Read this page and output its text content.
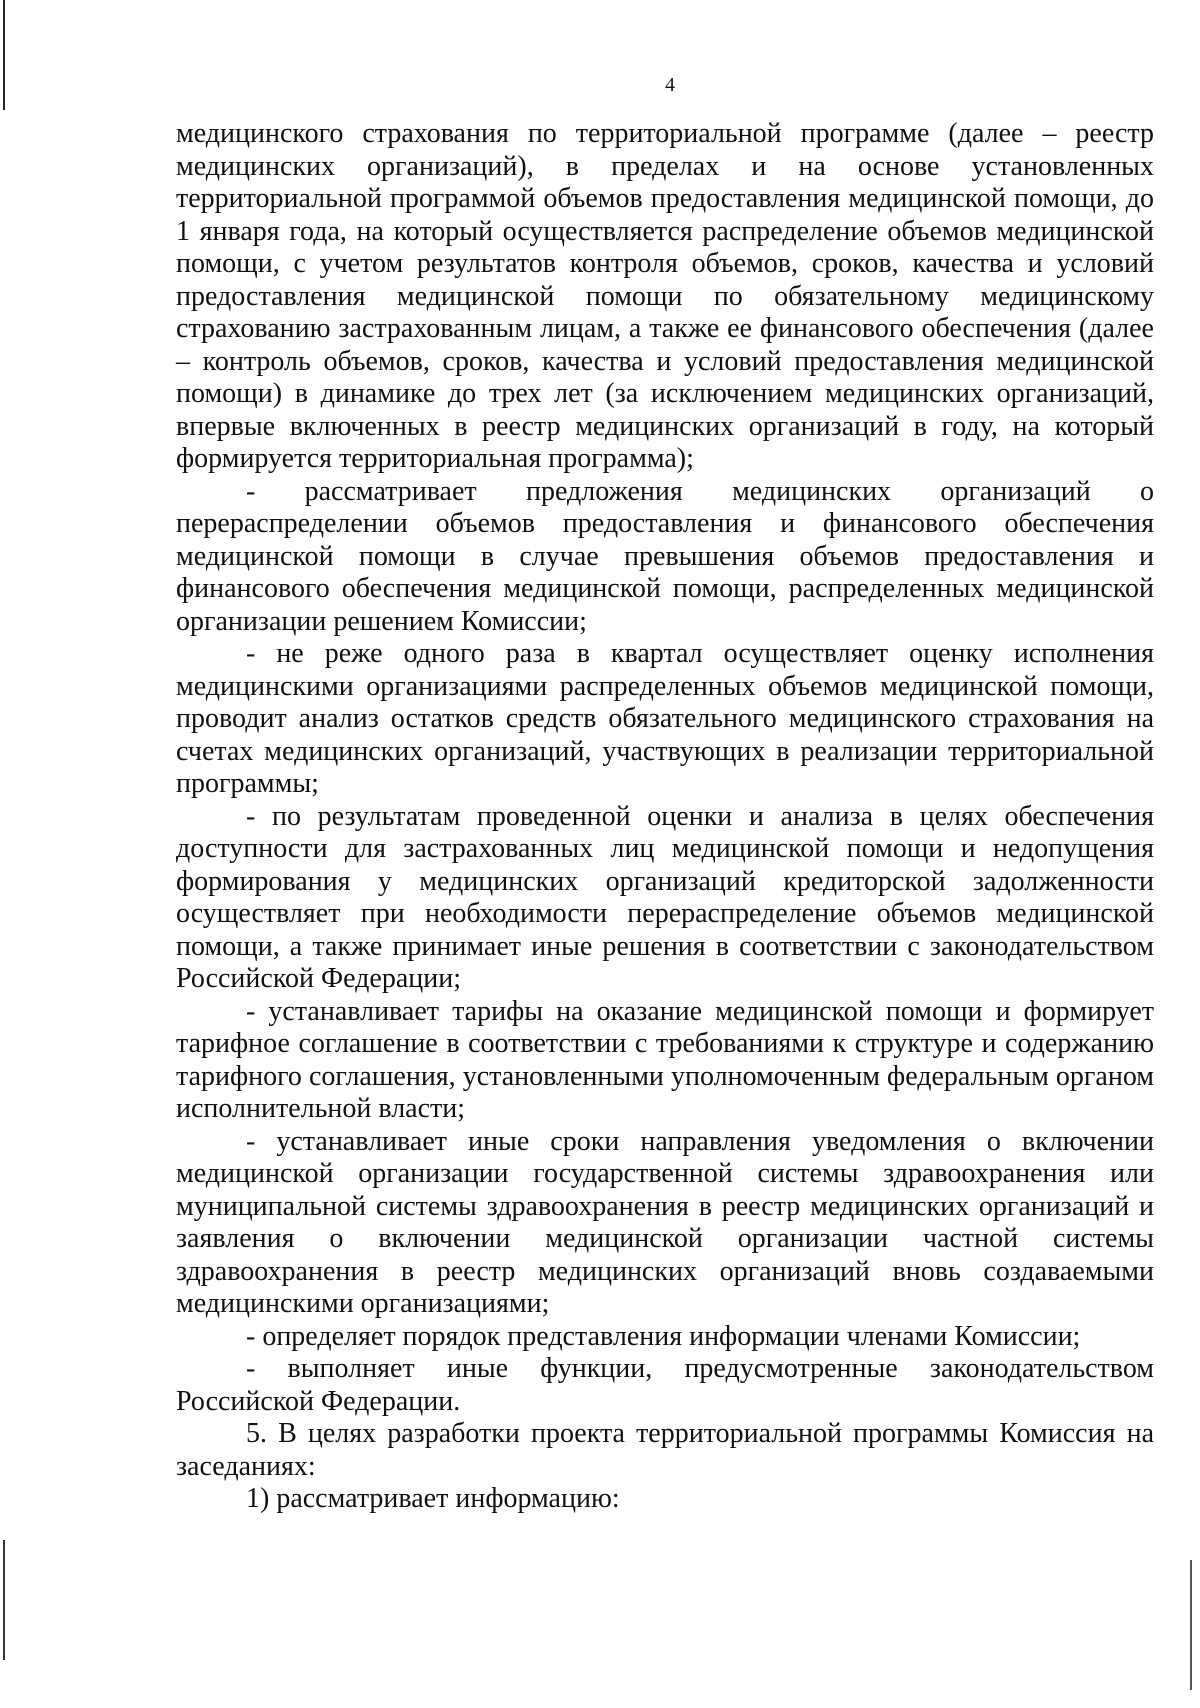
4

медицинского страхования по территориальной программе (далее – реестр медицинских организаций), в пределах и на основе установленных территориальной программой объемов предоставления медицинской помощи, до 1 января года, на который осуществляется распределение объемов медицинской помощи, с учетом результатов контроля объемов, сроков, качества и условий предоставления медицинской помощи по обязательному медицинскому страхованию застрахованным лицам, а также ее финансового обеспечения (далее – контроль объемов, сроков, качества и условий предоставления медицинской помощи) в динамике до трех лет (за исключением медицинских организаций, впервые включенных в реестр медицинских организаций в году, на который формируется территориальная программа);

- рассматривает предложения медицинских организаций о перераспределении объемов предоставления и финансового обеспечения медицинской помощи в случае превышения объемов предоставления и финансового обеспечения медицинской помощи, распределенных медицинской организации решением Комиссии;

- не реже одного раза в квартал осуществляет оценку исполнения медицинскими организациями распределенных объемов медицинской помощи, проводит анализ остатков средств обязательного медицинского страхования на счетах медицинских организаций, участвующих в реализации территориальной программы;

- по результатам проведенной оценки и анализа в целях обеспечения доступности для застрахованных лиц медицинской помощи и недопущения формирования у медицинских организаций кредиторской задолженности осуществляет при необходимости перераспределение объемов медицинской помощи, а также принимает иные решения в соответствии с законодательством Российской Федерации;

- устанавливает тарифы на оказание медицинской помощи и формирует тарифное соглашение в соответствии с требованиями к структуре и содержанию тарифного соглашения, установленными уполномоченным федеральным органом исполнительной власти;

- устанавливает иные сроки направления уведомления о включении медицинской организации государственной системы здравоохранения или муниципальной системы здравоохранения в реестр медицинских организаций и заявления о включении медицинской организации частной системы здравоохранения в реестр медицинских организаций вновь создаваемыми медицинскими организациями;

- определяет порядок представления информации членами Комиссии;

- выполняет иные функции, предусмотренные законодательством Российской Федерации.

5. В целях разработки проекта территориальной программы Комиссия на заседаниях:

1) рассматривает информацию:
